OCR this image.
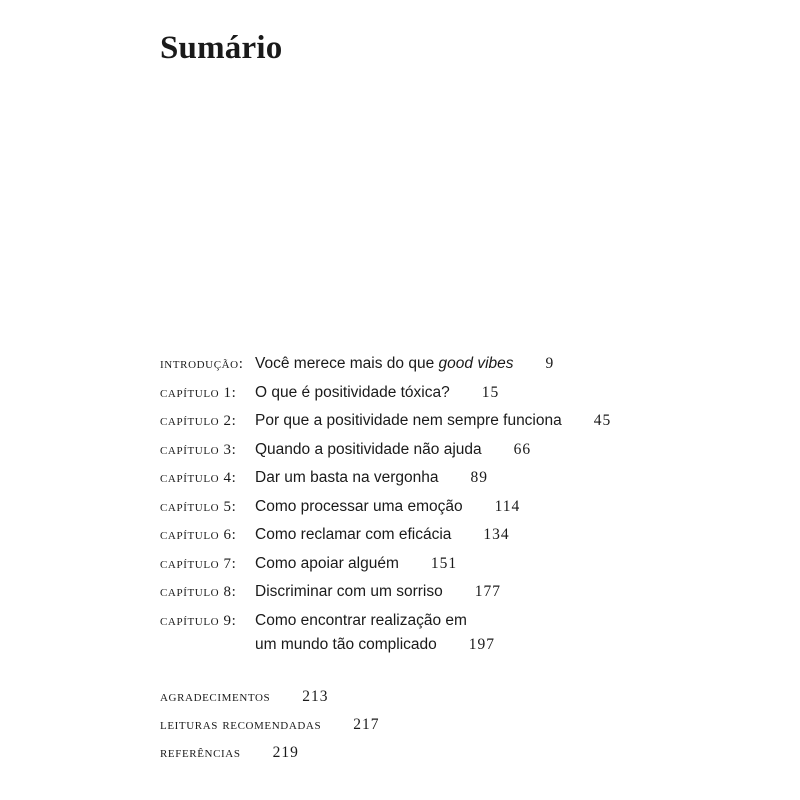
Sumário
introdução: Você merece mais do que good vibes 9
capítulo 1:	O que é positividade tóxica? 15
capítulo 2:	Por que a positividade nem sempre funciona 45
capítulo 3:	Quando a positividade não ajuda 66
capítulo 4:	Dar um basta na vergonha 89
capítulo 5:	Como processar uma emoção 114
capítulo 6:	Como reclamar com eficácia 134
capítulo 7:	Como apoiar alguém 151
capítulo 8:	Discriminar com um sorriso 177
capítulo 9:	Como encontrar realização em
um mundo tão complicado 197
agradecimentos 213
leituras recomendadas 217
referências 219
